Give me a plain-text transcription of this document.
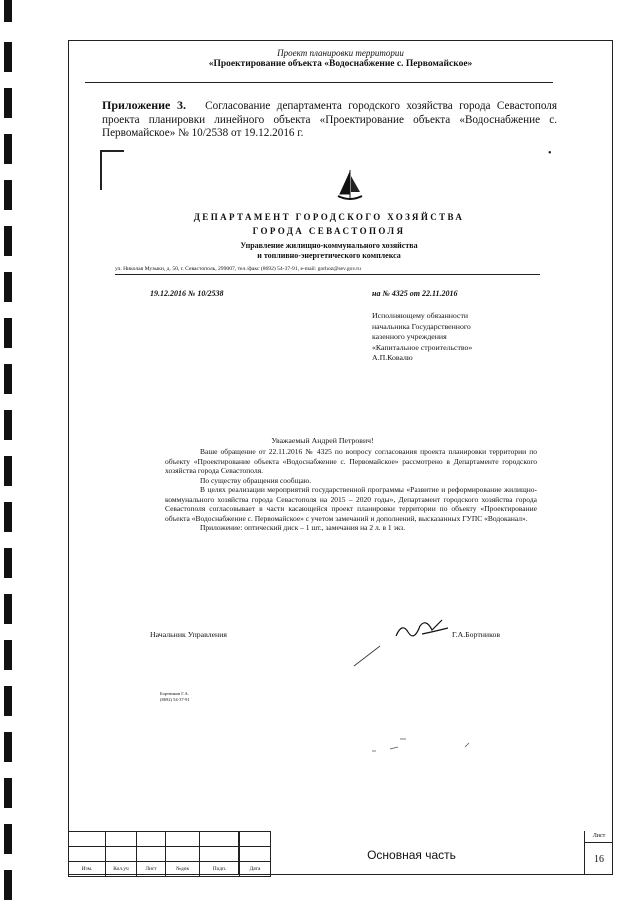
Проект планировки территории
«Проектирование объекта «Водоснабжение с. Первомайское»
Приложение 3. Согласование департамента городского хозяйства города Севастополя проекта планировки линейного объекта «Проектирование объекта «Водоснабжение с. Первомайское» № 10/2538 от 19.12.2016 г.
•
ДЕПАРТАМЕНТ ГОРОДСКОГО ХОЗЯЙСТВА
ГОРОДА СЕВАСТОПОЛЯ
Управление жилищно-коммунального хозяйства
и топливно-энергетического комплекса
ул. Николая Музыки, д. 50, г. Севастополь, 299007, тел./факс (8692) 54-37-91, e-mail: gorhoz@sev.gov.ru
19.12.2016 № 10/2538	на № 4325 от 22.11.2016
Исполняющему обязанности
начальника Государственного
казенного учреждения
«Капитальное строительство»
А.П.Ковалю
Уважаемый Андрей Петрович!

Ваше обращение от 22.11.2016 № 4325 по вопросу согласования проекта планировки территории по объекту «Проектирование объекта «Водоснабжение с. Первомайское» рассмотрено в Департаменте городского хозяйства города Севастополя.

По существу обращения сообщаю.

В целях реализации мероприятий государственной программы «Развитие и реформирование жилищно-коммунального хозяйства города Севастополя на 2015 – 2020 годы», Департамент городского хозяйства города Севастополя согласовывает в части касающейся проект планировки территории по объекту «Проектирование объекта «Водоснабжение с. Первомайское» с учетом замечаний и дополнений, высказанных ГУПС «Водоканал».

Приложение: оптический диск – 1 шт., замечания на 2 л. в 1 экз.

Начальник Управления	Г.А.Бортников
Бортников Г.А.
(8692) 54-37-91

Изм.	Кол.уч	Лист	№док	Подп.	Дата
Основная часть
Лист
16
